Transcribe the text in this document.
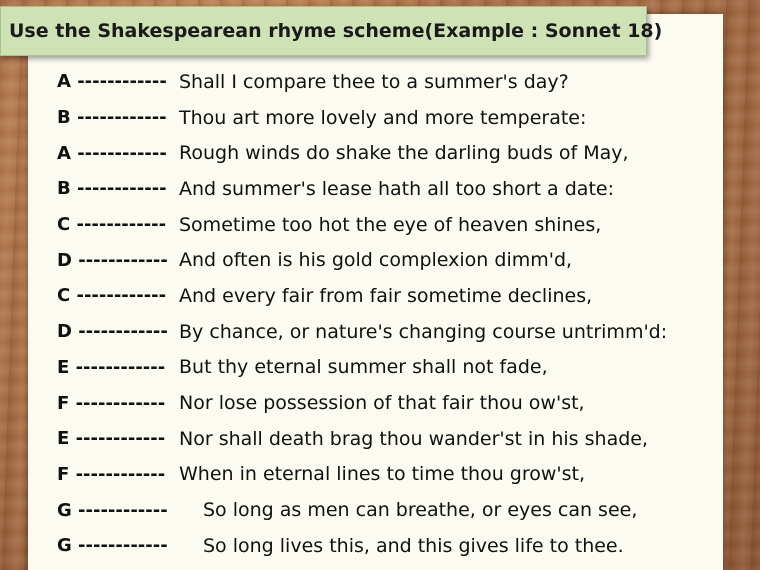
Use the Shakespearean rhyme scheme(Example : Sonnet 18)
A ------------ Shall I compare thee to a summer's day?
B ------------ Thou art more lovely and more temperate:
A ------------ Rough winds do shake the darling buds of May,
B ------------ And summer's lease hath all too short a date:
C ------------ Sometime too hot the eye of heaven shines,
D ------------ And often is his gold complexion dimm'd,
C ------------ And every fair from fair sometime declines,
D ------------ By chance, or nature's changing course untrimm'd:
E ------------ But thy eternal summer shall not fade,
F ------------ Nor lose possession of that fair thou ow'st,
E ------------ Nor shall death brag thou wander'st in his shade,
F ------------ When in eternal lines to time thou grow'st,
G ------------	So long as men can breathe, or eyes can see,
G ------------	So long lives this, and this gives life to thee.
